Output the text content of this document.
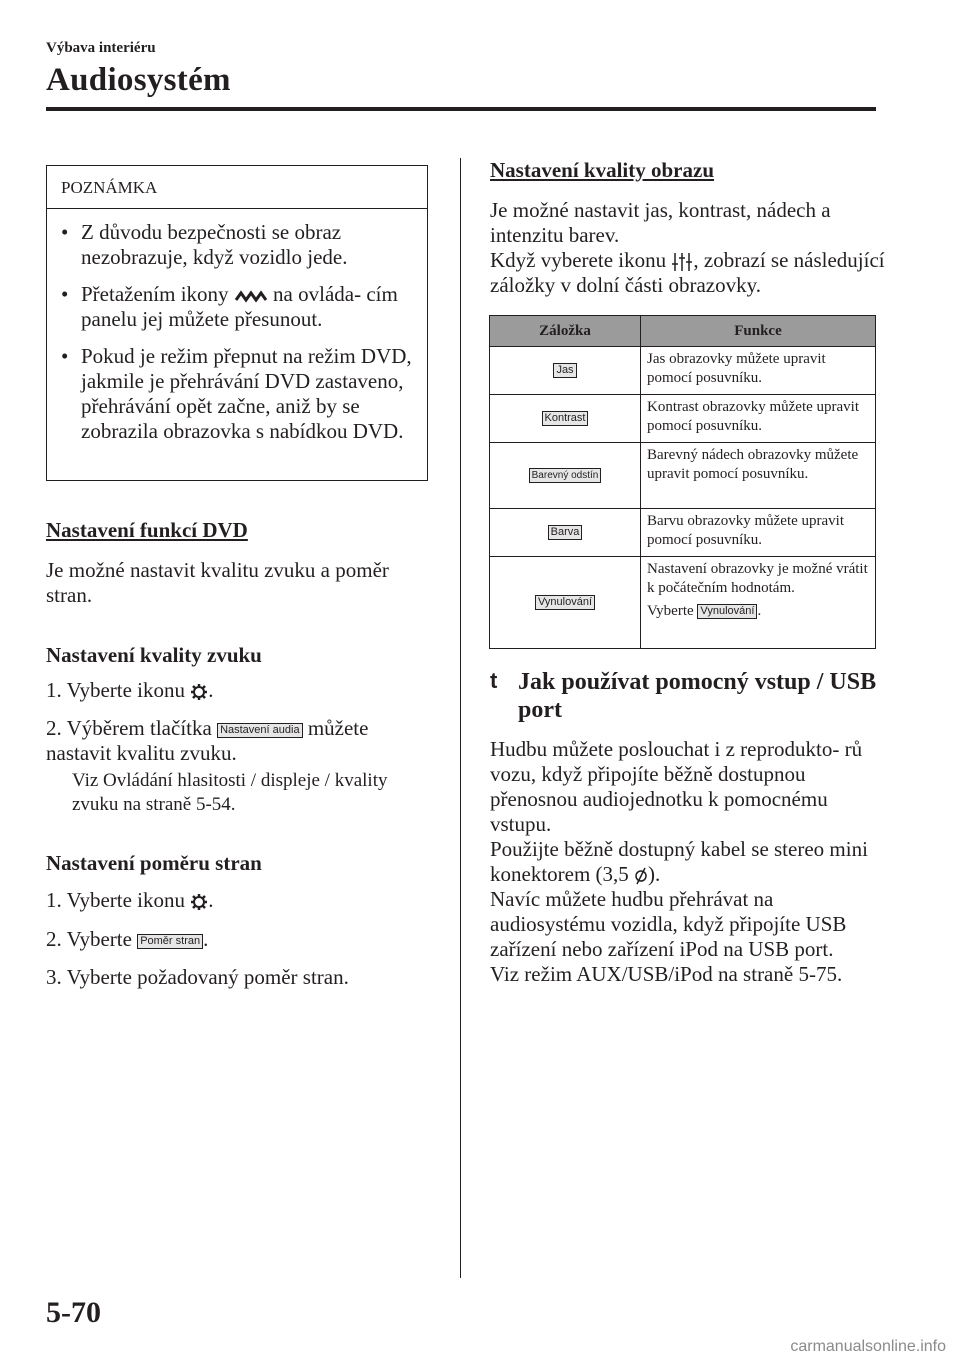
Výbava interiéru
Audiosystém
POZNÁMKA
• Z důvodu bezpečnosti se obraz nezobrazuje, když vozidlo jede.
• Přetažením ikony na ovláda- cím panelu jej můžete přesunout.
• Pokud je režim přepnut na režim DVD, jakmile je přehrávání DVD zastaveno, přehrávání opět začne, aniž by se zobrazila obrazovka s nabídkou DVD.
Nastavení funkcí DVD
Je možné nastavit kvalitu zvuku a poměr stran.
Nastavení kvality zvuku
1. Vyberte ikonu .
2. Výběrem tlačítka Nastavení audia můžete nastavit kvalitu zvuku.
Viz Ovládání hlasitosti / displeje / kvality zvuku na straně 5-54.
Nastavení poměru stran
1. Vyberte ikonu .
2. Vyberte Poměr stran .
3. Vyberte požadovaný poměr stran.
Nastavení kvality obrazu
Je možné nastavit jas, kontrast, nádech a intenzitu barev.
Když vyberete ikonu , zobrazí se následující záložky v dolní části obrazovky.
Záložka	Funkce
Jas	Jas obrazovky můžete upravit pomocí posuvníku.
Kontrast	Kontrast obrazovky můžete upravit pomocí posuvníku.
Barevný odstín	Barevný nádech obrazovky můžete upravit pomocí posuvníku.
Barva	Barvu obrazovky můžete upravit pomocí posuvníku.
Vynulování	Nastavení obrazovky je možné vrátit k počátečním hodnotám.
Vyberte Vynulování .
t Jak používat pomocný vstup / USB port
Hudbu můžete poslouchat i z reprodukto- rů vozu, když připojíte běžně dostupnou přenosnou audiojednotku k pomocnému vstupu.
Použijte běžně dostupný kabel se stereo mini konektorem (3,5 ).
Navíc můžete hudbu přehrávat na audiosystému vozidla, když připojíte USB zařízení nebo zařízení iPod na USB port.
Viz režim AUX/USB/iPod na straně 5-75.
5-70
carmanualsonline.info
